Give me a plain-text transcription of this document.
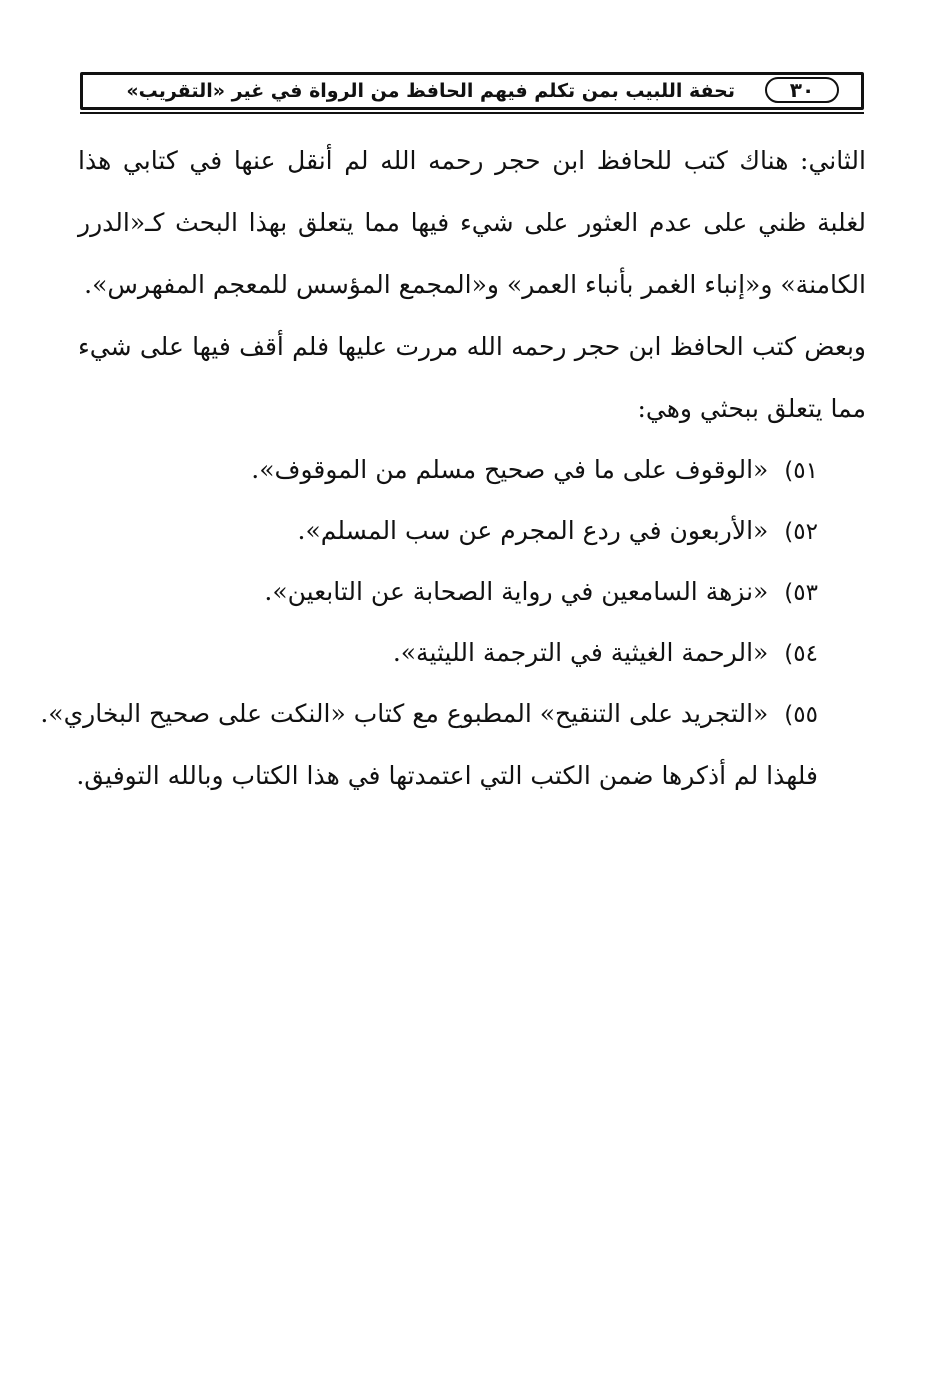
٣٠
تحفة اللبيب بمن تكلم فيهم الحافظ من الرواة في غير «التقريب»

الثاني: هناك كتب للحافظ ابن حجر رحمه الله لم أنقل عنها في كتابي هذا لغلبة ظني على عدم العثور على شيء فيها مما يتعلق بهذا البحث كـ«الدرر الكامنة» و«إنباء الغمر بأنباء العمر» و«المجمع المؤسس للمعجم المفهرس».

وبعض كتب الحافظ ابن حجر رحمه الله مررت عليها فلم أقف فيها على شيء مما يتعلق ببحثي وهي:

٥١) «الوقوف على ما في صحيح مسلم من الموقوف».
٥٢) «الأربعون في ردع المجرم عن سب المسلم».
٥٣) «نزهة السامعين في رواية الصحابة عن التابعين».
٥٤) «الرحمة الغيثية في الترجمة الليثية».
٥٥) «التجريد على التنقيح» المطبوع مع كتاب «النكت على صحيح البخاري».

فلهذا لم أذكرها ضمن الكتب التي اعتمدتها في هذا الكتاب وبالله التوفيق.
